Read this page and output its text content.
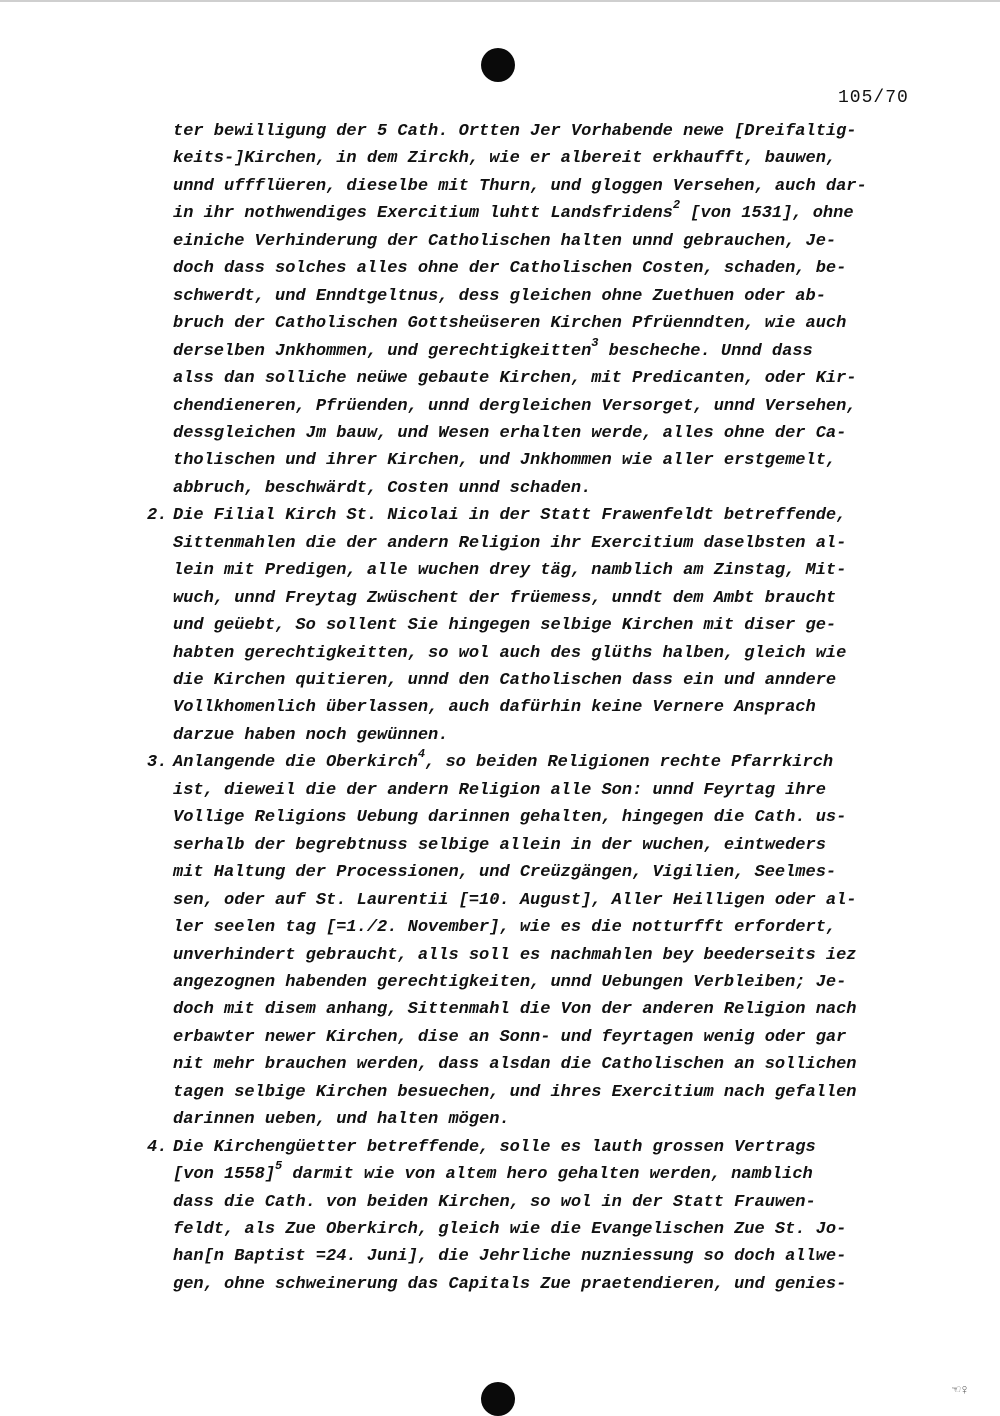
105/70
ter bewilligung der 5 Cath. Ortten Jer Vorhabende newe [Dreifaltig-
keits-]Kirchen, in dem Zirckh, wie er albereit erkhaufft, bauwen,
unnd uffflüeren, dieselbe mit Thurn, und gloggen Versehen, auch dar-
in ihr nothwendiges Exercitium luhtt Landsfridens$^2$ [von 1531], ohne
einiche Verhinderung der Catholischen halten unnd gebrauchen, Je-
doch dass solches alles ohne der Catholischen Costen, schaden, be-
schwerdt, und Enndtgeltnus, dess gleichen ohne Zuethuen oder ab-
bruch der Catholischen Gottsheüseren Kirchen Pfrüenndten, wie auch
derselben Jnkhommen, und gerechtigkeitten$^3$ bescheche. Unnd dass
alss dan solliche neüwe gebaute Kirchen, mit Predicanten, oder Kir-
chendieneren, Pfrüenden, unnd dergleichen Versorget, unnd Versehen,
dessgleichen Jm bauw, und Wesen erhalten werde, alles ohne der Ca-
tholischen und ihrer Kirchen, und Jnkhommen wie aller erstgemelt,
abbruch, beschwärdt, Costen unnd schaden.
2. Die Filial Kirch St. Nicolai in der Statt Frawenfeldt betreffende,
Sittenmahlen die der andern Religion ihr Exercitium daselbsten al-
lein mit Predigen, alle wuchen drey täg, namblich am Zinstag, Mit-
wuch, unnd Freytag Zwüschent der früemess, unndt dem Ambt braucht
und geüebt, So sollent Sie hingegen selbige Kirchen mit diser ge-
habten gerechtigkeitten, so wol auch des glüths halben, gleich wie
die Kirchen quitieren, unnd den Catholischen dass ein und anndere
Vollkhomenlich überlassen, auch dafürhin keine Vernere Ansprach
darzue haben noch gewünnen.
3. Anlangende die Oberkirch$^4$, so beiden Religionen rechte Pfarrkirch
ist, dieweil die der andern Religion alle Son: unnd Feyrtag ihre
Vollige Religions Uebung darinnen gehalten, hingegen die Cath. us-
serhalb der begrebtnuss selbige allein in der wuchen, eintweders
mit Haltung der Processionen, und Creüzgängen, Vigilien, Seelmes-
sen, oder auf St. Laurentii [=10. August], Aller Heilligen oder al-
ler seelen tag [=1./2. November], wie es die notturfft erfordert,
unverhindert gebraucht, alls soll es nachmahlen bey beederseits iez
angezognen habenden gerechtigkeiten, unnd Uebungen Verbleiben; Je-
doch mit disem anhang, Sittenmahl die Von der anderen Religion nach
erbawter newer Kirchen, dise an Sonn- und feyrtagen wenig oder gar
nit mehr brauchen werden, dass alsdan die Catholischen an sollichen
tagen selbige Kirchen besuechen, und ihres Exercitium nach gefallen
darinnen ueben, und halten mögen.
4. Die Kirchengüetter betreffende, solle es lauth grossen Vertrags
[von 1558]$^5$ darmit wie von altem hero gehalten werden, namblich
dass die Cath. von beiden Kirchen, so wol in der Statt Frauwen-
feldt, als Zue Oberkirch, gleich wie die Evangelischen Zue St. Jo-
han[n Baptist =24. Juni], die Jehrliche nuzniessung so doch allwe-
gen, ohne schweinerung das Capitals Zue praetendieren, und genies-
☜♀
